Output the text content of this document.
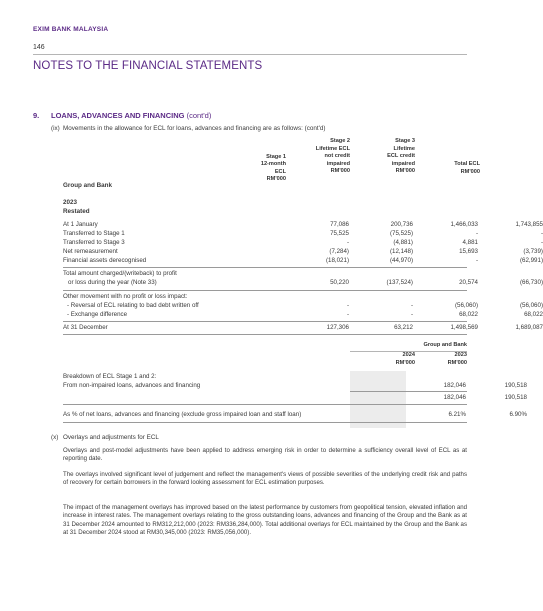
EXIM BANK MALAYSIA
146
NOTES TO THE FINANCIAL STATEMENTS
9. LOANS, ADVANCES AND FINANCING (cont'd)
(ix) Movements in the allowance for ECL for loans, advances and financing are as follows: (cont'd)
Stage 1
12-month
ECL
RM'000
Stage 2
Lifetime ECL
not credit
impaired
RM'000
Stage 3
Lifetime
ECL credit
impaired
RM'000
Total ECL
RM'000
Group and Bank
2023
Restated
At 1 January	77,086	200,736	1,466,033	1,743,855
Transferred to Stage 1	75,525	(75,525)	-	-
Transferred to Stage 3	-	(4,881)	4,881	-
Net remeasurement	(7,284)	(12,148)	15,693	(3,739)
Financial assets derecognised	(18,021)	(44,970)	-	(62,991)
Total amount charged/(writeback) to profit
or loss during the year (Note 33)	50,220	(137,524)	20,574	(66,730)
Other movement with no profit or loss impact:
- Reversal of ECL relating to bad debt written off	-	-	(56,060)	(56,060)
- Exchange difference	-	-	68,022	68,022
At 31 December	127,306	63,212	1,498,569	1,689,087
Group and Bank
2024
RM'000
2023
RM'000
Breakdown of ECL Stage 1 and 2:
From non-impaired loans, advances and financing	182,046	190,518
182,046	190,518
As % of net loans, advances and financing (exclude gross impaired loan and staff loan)	6.21%	6.90%
(x) Overlays and adjustments for ECL
Overlays and post-model adjustments have been applied to address emerging risk in order to determine a sufficiency overall level of ECL as at reporting date.
The overlays involved significant level of judgement and reflect the management's views of possible severities of the underlying credit risk and paths of recovery for certain borrowers in the forward looking assessment for ECL estimation purposes.
The impact of the management overlays has improved based on the latest performance by customers from geopolitical tension, elevated inflation and increase in interest rates. The management overlays relating to the gross outstanding loans, advances and financing of the Group and the Bank as at 31 December 2024 amounted to RM312,212,000 (2023: RM336,284,000). Total additional overlays for ECL maintained by the Group and the Bank as at 31 December 2024 stood at RM30,345,000 (2023: RM35,056,000).
